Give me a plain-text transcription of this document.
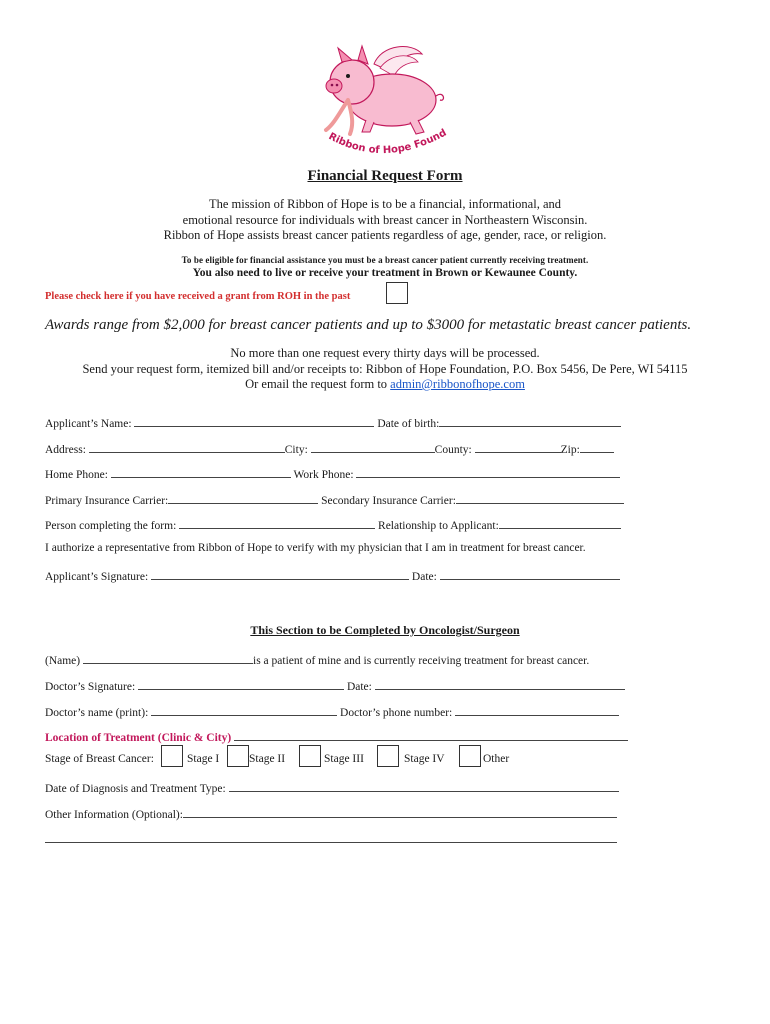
Ribbon of Hope Found
Financial Request Form
The mission of Ribbon of Hope is to be a financial, informational, and
emotional resource for individuals with breast cancer in Northeastern Wisconsin.
Ribbon of Hope assists breast cancer patients regardless of age, gender, race, or religion.
To be eligible for financial assistance you must be a breast cancer patient currently receiving treatment.
You also need to live or receive your treatment in Brown or Kewaunee County.
Please check here if you have received a grant from ROH in the past
Awards range from $2,000 for breast cancer patients and up to $3000 for metastatic breast cancer patients.
No more than one request every thirty days will be processed.
Send your request form, itemized bill and/or receipts to: Ribbon of Hope Foundation, P.O. Box 5456, De Pere, WI 54115
Or email the request form to admin@ribbonofhope.com
Applicant’s Name:	Date of birth:
Address:	City:	County:	Zip:
Home Phone:	Work Phone:
Primary Insurance Carrier:	Secondary Insurance Carrier:
Person completing the form:	Relationship to Applicant:
I authorize a representative from Ribbon of Hope to verify with my physician that I am in treatment for breast cancer.
Applicant’s Signature:	Date:
This Section to be Completed by Oncologist/Surgeon
(Name)	is a patient of mine and is currently receiving treatment for breast cancer.
Doctor’s Signature:	Date:
Doctor’s name (print):	Doctor’s phone number:
Location of Treatment (Clinic & City)
Stage of Breast Cancer:	Stage I	Stage II	Stage III	Stage IV	Other
Date of Diagnosis and Treatment Type:
Other Information (Optional):
